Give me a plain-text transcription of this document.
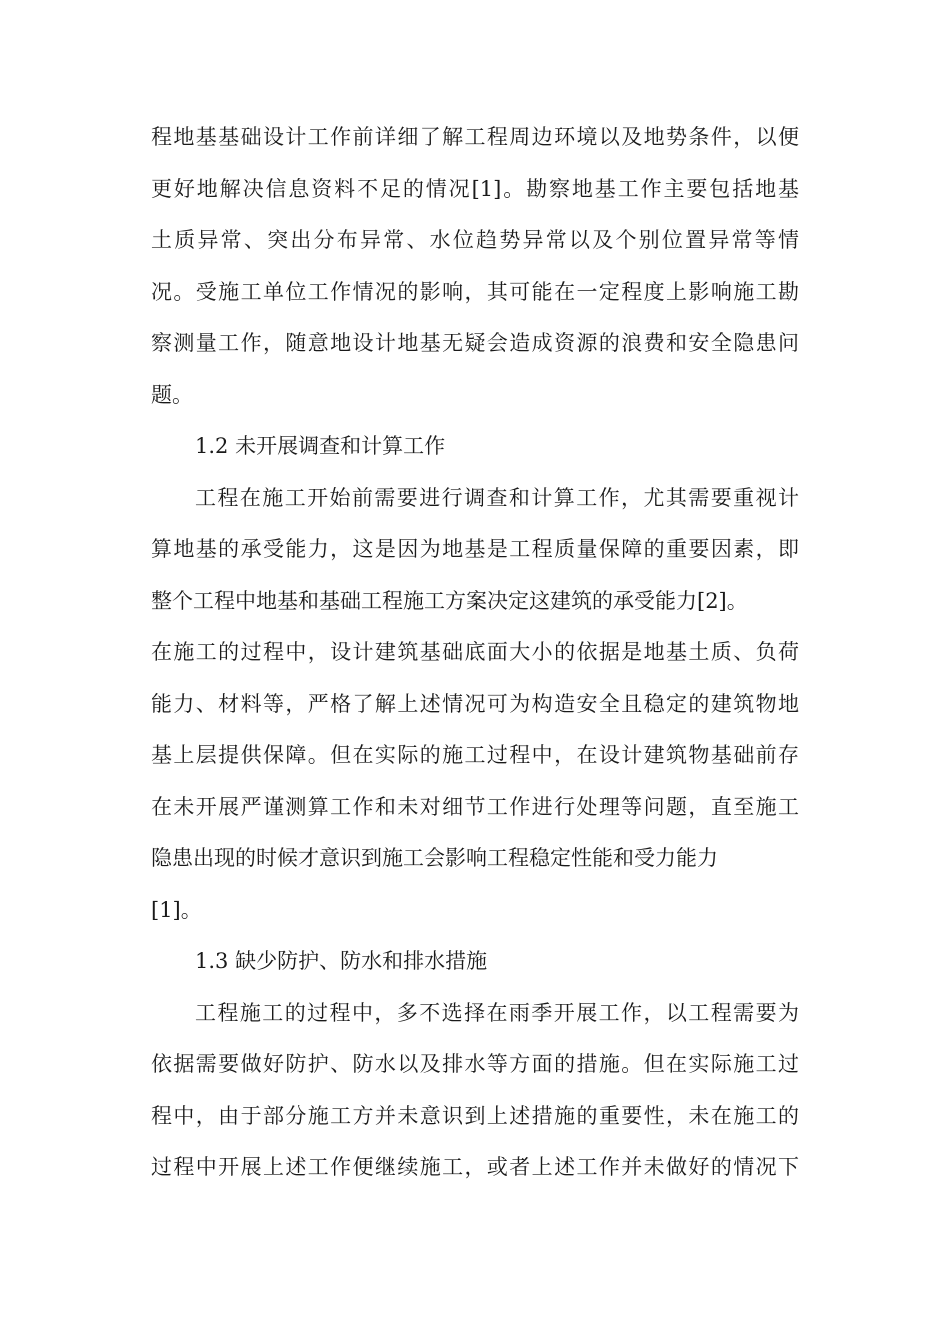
程地基基础设计工作前详细了解工程周边环境以及地势条件，以便
更好地解决信息资料不足的情况[1]。勘察地基工作主要包括地基
土质异常、突出分布异常、水位趋势异常以及个别位置异常等情
况。受施工单位工作情况的影响，其可能在一定程度上影响施工勘
察测量工作，随意地设计地基无疑会造成资源的浪费和安全隐患问
题。
1.2 未开展调查和计算工作
工程在施工开始前需要进行调查和计算工作，尤其需要重视计
算地基的承受能力，这是因为地基是工程质量保障的重要因素，即
整个工程中地基和基础工程施工方案决定这建筑的承受能力[2]。
在施工的过程中，设计建筑基础底面大小的依据是地基土质、负荷
能力、材料等，严格了解上述情况可为构造安全且稳定的建筑物地
基上层提供保障。但在实际的施工过程中，在设计建筑物基础前存
在未开展严谨测算工作和未对细节工作进行处理等问题，直至施工
隐患出现的时候才意识到施工会影响工程稳定性能和受力能力
[1]。
1.3 缺少防护、防水和排水措施
工程施工的过程中，多不选择在雨季开展工作，以工程需要为
依据需要做好防护、防水以及排水等方面的措施。但在实际施工过
程中，由于部分施工方并未意识到上述措施的重要性，未在施工的
过程中开展上述工作便继续施工，或者上述工作并未做好的情况下
